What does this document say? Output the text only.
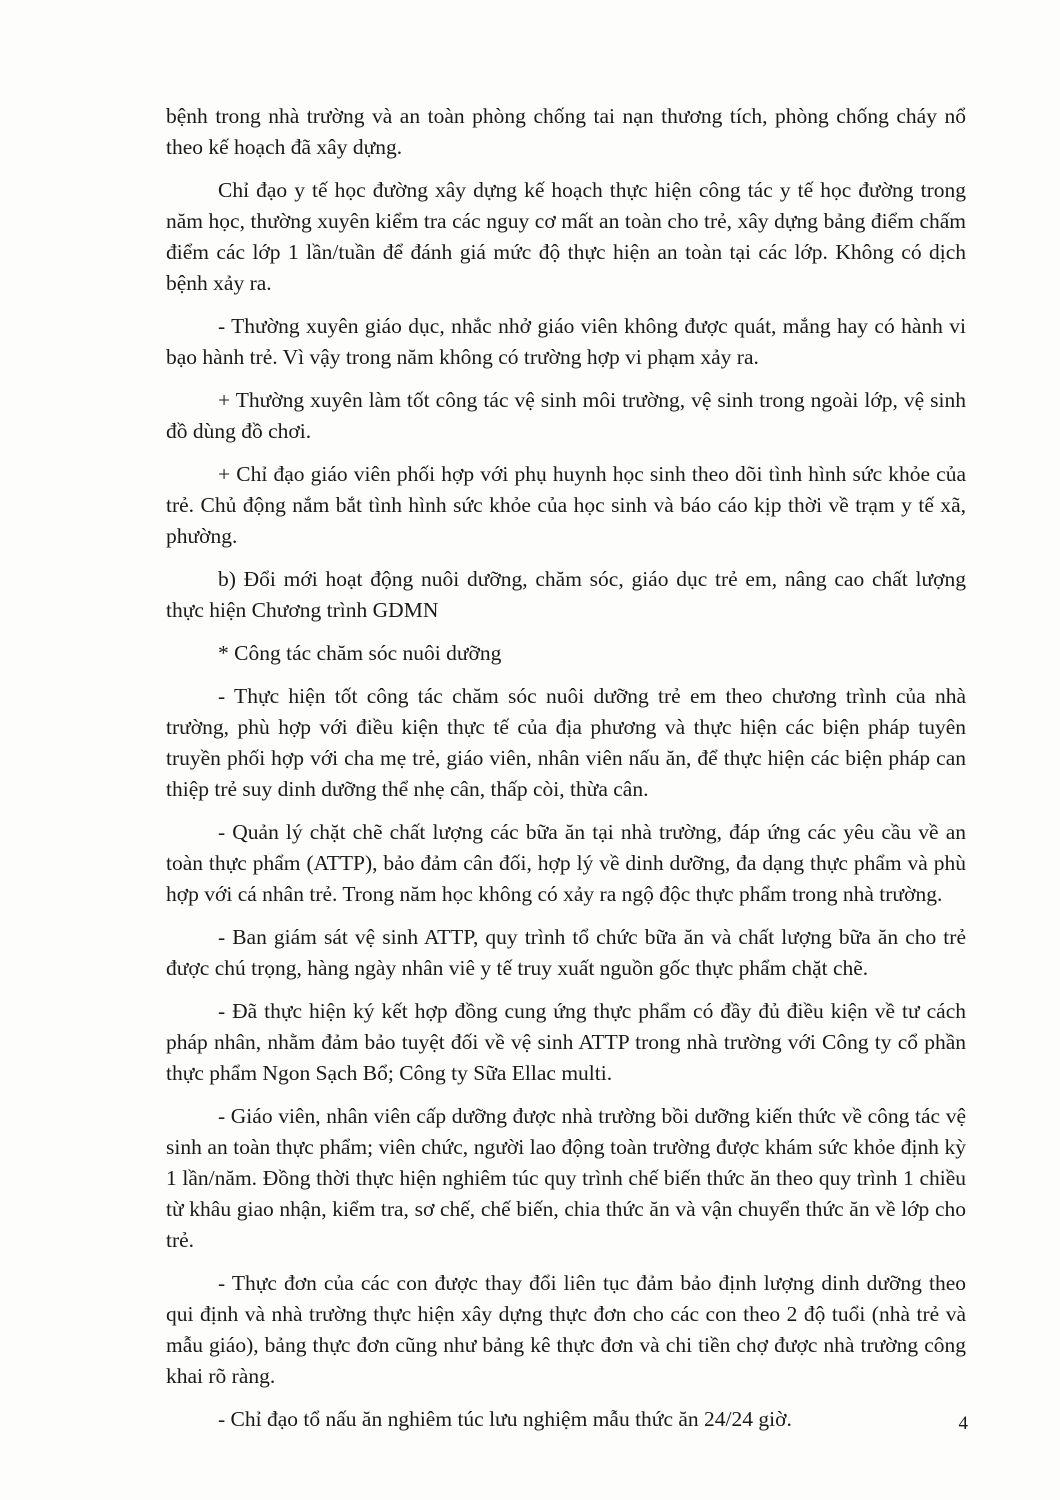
bệnh trong nhà trường và an toàn phòng chống tai nạn thương tích, phòng chống cháy nổ theo kế hoạch đã xây dựng.

Chỉ đạo y tế học đường xây dựng kế hoạch thực hiện công tác y tế học đường trong năm học, thường xuyên kiểm tra các nguy cơ mất an toàn cho trẻ, xây dựng bảng điểm chấm điểm các lớp 1 lần/tuần để đánh giá mức độ thực hiện an toàn tại các lớp. Không có dịch bệnh xảy ra.

- Thường xuyên giáo dục, nhắc nhở giáo viên không được quát, mắng hay có hành vi bạo hành trẻ. Vì vậy trong năm không có trường hợp vi phạm xảy ra.

+ Thường xuyên làm tốt công tác vệ sinh môi trường, vệ sinh trong ngoài lớp, vệ sinh đồ dùng đồ chơi.

+ Chỉ đạo giáo viên phối hợp với phụ huynh học sinh theo dõi tình hình sức khỏe của trẻ. Chủ động nắm bắt tình hình sức khỏe của học sinh và báo cáo kịp thời về trạm y tế xã, phường.

b) Đổi mới hoạt động nuôi dưỡng, chăm sóc, giáo dục trẻ em, nâng cao chất lượng thực hiện Chương trình GDMN

* Công tác chăm sóc nuôi dưỡng

- Thực hiện tốt công tác chăm sóc nuôi dưỡng trẻ em theo chương trình của nhà trường, phù hợp với điều kiện thực tế của địa phương và thực hiện các biện pháp tuyên truyền phối hợp với cha mẹ trẻ, giáo viên, nhân viên nấu ăn, để thực hiện các biện pháp can thiệp trẻ suy dinh dưỡng thể nhẹ cân, thấp còi, thừa cân.

- Quản lý chặt chẽ chất lượng các bữa ăn tại nhà trường, đáp ứng các yêu cầu về an toàn thực phẩm (ATTP), bảo đảm cân đối, hợp lý về dinh dưỡng, đa dạng thực phẩm và phù hợp với cá nhân trẻ. Trong năm học không có xảy ra ngộ độc thực phẩm trong nhà trường.

- Ban giám sát vệ sinh ATTP, quy trình tổ chức bữa ăn và chất lượng bữa ăn cho trẻ được chú trọng, hàng ngày nhân viê y tế truy xuất nguồn gốc thực phẩm chặt chẽ.

- Đã thực hiện ký kết hợp đồng cung ứng thực phẩm có đầy đủ điều kiện về tư cách pháp nhân, nhằm đảm bảo tuyệt đối về vệ sinh ATTP trong nhà trường với Công ty cổ phần thực phẩm Ngon Sạch Bổ; Công ty Sữa Ellac multi.

- Giáo viên, nhân viên cấp dưỡng được nhà trường bồi dưỡng kiến thức về công tác vệ sinh an toàn thực phẩm; viên chức, người lao động toàn trường được khám sức khỏe định kỳ 1 lần/năm. Đồng thời thực hiện nghiêm túc quy trình chế biến thức ăn theo quy trình 1 chiều từ khâu giao nhận, kiểm tra, sơ chế, chế biến, chia thức ăn và vận chuyển thức ăn về lớp cho trẻ.

- Thực đơn của các con được thay đổi liên tục đảm bảo định lượng dinh dưỡng theo qui định và nhà trường thực hiện xây dựng thực đơn cho các con theo 2 độ tuổi (nhà trẻ và mẫu giáo), bảng thực đơn cũng như bảng kê thực đơn và chi tiền chợ được nhà trường công khai rõ ràng.

- Chỉ đạo tổ nấu ăn nghiêm túc lưu nghiệm mẫu thức ăn 24/24 giờ.	4
